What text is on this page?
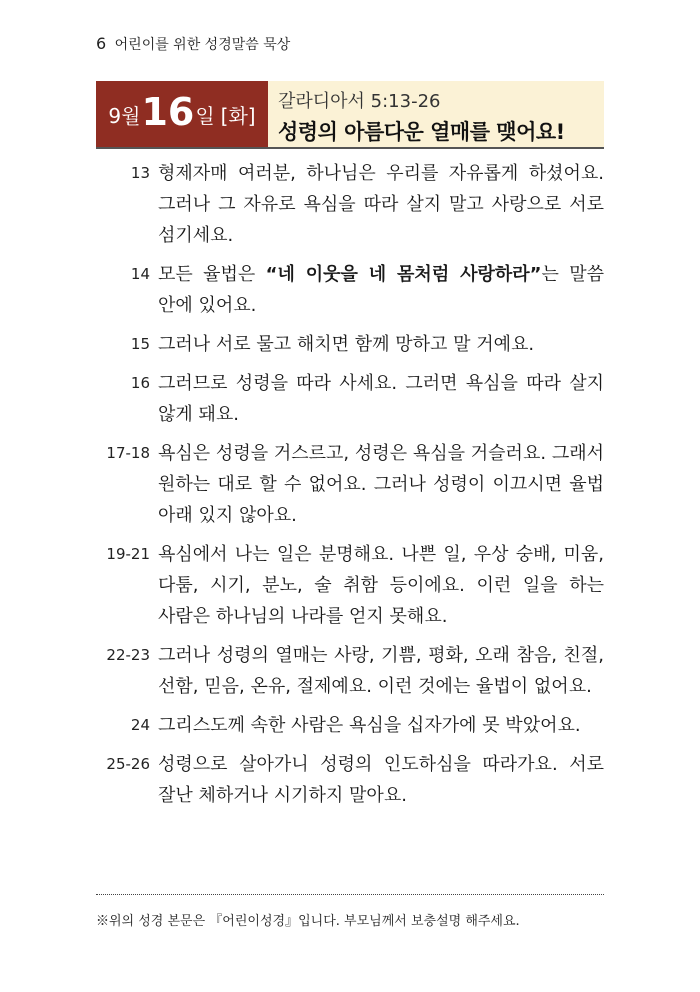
6 어린이를 위한 성경말씀 묵상
9월 16 일 [화]
갈라디아서 5:13-26
성령의 아름다운 열매를 맺어요!
13 형제자매 여러분, 하나님은 우리를 자유롭게 하셨어요. 그러나 그 자유로 욕심을 따라 살지 말고 사랑으로 서로 섬기세요.
14 모든 율법은 “네 이웃을 네 몸처럼 사랑하라”는 말씀 안에 있어요.
15 그러나 서로 물고 해치면 함께 망하고 말 거예요.
16 그러므로 성령을 따라 사세요. 그러면 욕심을 따라 살지 않게 돼요.
17-18 욕심은 성령을 거스르고, 성령은 욕심을 거슬러요. 그래서 원하는 대로 할 수 없어요. 그러나 성령이 이끄시면 율법 아래 있지 않아요.
19-21 욕심에서 나는 일은 분명해요. 나쁜 일, 우상 숭배, 미움, 다툼, 시기, 분노, 술 취함 등이에요. 이런 일을 하는 사람은 하나님의 나라를 얻지 못해요.
22-23 그러나 성령의 열매는 사랑, 기쁨, 평화, 오래 참음, 친절, 선함, 믿음, 온유, 절제예요. 이런 것에는 율법이 없어요.
24 그리스도께 속한 사람은 욕심을 십자가에 못 박았어요.
25-26 성령으로 살아가니 성령의 인도하심을 따라가요. 서로 잘난 체하거나 시기하지 말아요.
※위의 성경 본문은 『어린이성경』입니다. 부모님께서 보충설명 해주세요.
